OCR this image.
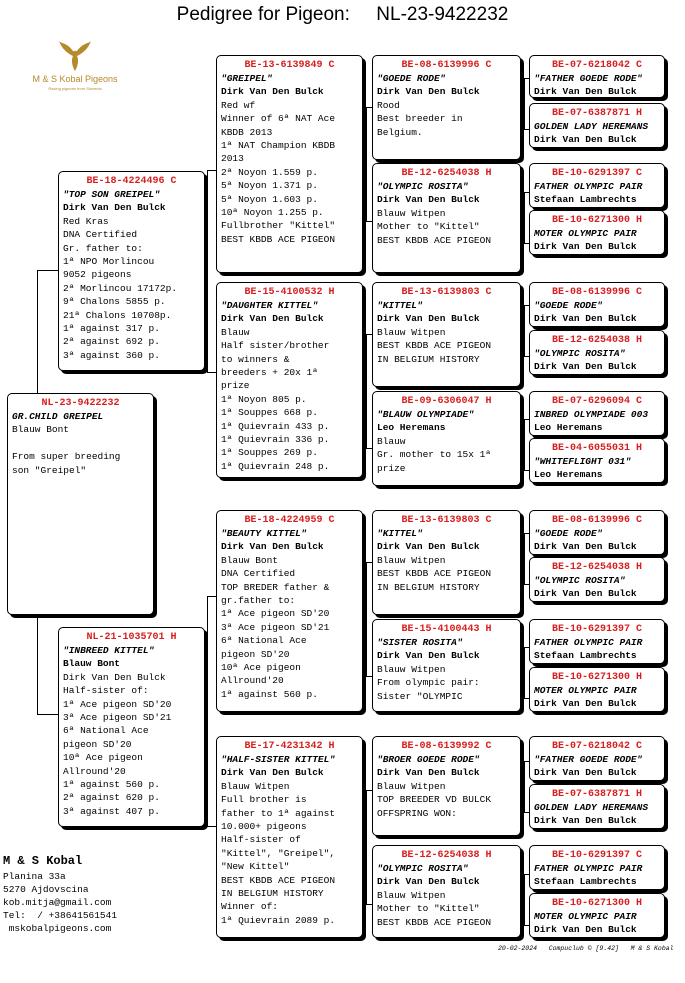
Pedigree for Pigeon:     NL-23-9422232
M & S Kobal Pigeons
Racing pigeons from Slovenia
NL-23-9422232
GR.CHILD GREIPEL
Blauw Bont

From super breeding
son "Greipel"
BE-18-4224496 C
"TOP SON GREIPEL"
Dirk Van Den Bulck
Red Kras
DNA Certified
Gr. father to:
1ª NPO Morlincou
9052 pigeons
2ª Morlincou 17172p.
9ª Chalons 5855 p.
21ª Chalons 10708p.
1ª against 317 p.
2ª against 692 p.
3ª against 360 p.
NL-21-1035701 H
"INBREED KITTEL"
Blauw Bont
Dirk Van Den Bulck
Half-sister of:
1ª Ace pigeon SD'20
3ª Ace pigeon SD'21
6ª National Ace
pigeon SD'20
10ª Ace pigeon
Allround'20
1ª against 560 p.
2ª against 620 p.
3ª against 407 p.
BE-13-6139849 C
"GREIPEL"
Dirk Van Den Bulck
Red wf
Winner of 6ª NAT Ace
KBDB 2013
1ª NAT Champion KBDB
2013
2ª Noyon 1.559 p.
5ª Noyon 1.371 p.
5ª Noyon 1.603 p.
10ª Noyon 1.255 p.
Fullbrother "Kittel"
BEST KBDB ACE PIGEON
BE-15-4100532 H
"DAUGHTER KITTEL"
Dirk Van Den Bulck
Blauw
Half sister/brother
to winners &
breeders + 20x 1ª
prize
1ª Noyon 805 p.
1ª Souppes 668 p.
1ª Quievrain 433 p.
1ª Quievrain 336 p.
1ª Souppes 269 p.
1ª Quievrain 248 p.
BE-18-4224959 C
"BEAUTY KITTEL"
Dirk Van Den Bulck
Blauw Bont
DNA Certified
TOP BREDER father &
gr.father to:
1ª Ace pigeon SD'20
3ª Ace pigeon SD'21
6ª National Ace
pigeon SD'20
10ª Ace pigeon
Allround'20
1ª against 560 p.
BE-17-4231342 H
"HALF-SISTER KITTEL"
Dirk Van Den Bulck
Blauw Witpen
Full brother is
father to 1ª against
10.000+ pigeons
Half-sister of
"Kittel", "Greipel",
"New Kittel"
BEST KBDB ACE PIGEON
IN BELGIUM HISTORY
Winner of:
1ª Quievrain 2089 p.
BE-08-6139996 C
"GOEDE RODE"
Dirk Van Den Bulck
Rood
Best breeder in
Belgium.
BE-12-6254038 H
"OLYMPIC ROSITA"
Dirk Van Den Bulck
Blauw Witpen
Mother to "Kittel"
BEST KBDB ACE PIGEON
BE-13-6139803 C
"KITTEL"
Dirk Van Den Bulck
Blauw Witpen
BEST KBDB ACE PIGEON
IN BELGIUM HISTORY
BE-09-6306047 H
"BLAUW OLYMPIADE"
Leo Heremans
Blauw
Gr. mother to 15x 1ª
prize
BE-13-6139803 C
"KITTEL"
Dirk Van Den Bulck
Blauw Witpen
BEST KBDB ACE PIGEON
IN BELGIUM HISTORY
BE-15-4100443 H
"SISTER ROSITA"
Dirk Van Den Bulck
Blauw Witpen
From olympic pair:
Sister "OLYMPIC
BE-08-6139992 C
"BROER GOEDE RODE"
Dirk Van Den Bulck
Blauw Witpen
TOP BREEDER VD BULCK
OFFSPRING WON:
BE-12-6254038 H
"OLYMPIC ROSITA"
Dirk Van Den Bulck
Blauw Witpen
Mother to "Kittel"
BEST KBDB ACE PIGEON
BE-07-6218042 C
"FATHER GOEDE RODE"
Dirk Van Den Bulck
BE-07-6387871 H
GOLDEN LADY HEREMANS
Dirk Van Den Bulck
BE-10-6291397 C
FATHER OLYMPIC PAIR
Stefaan Lambrechts
BE-10-6271300 H
MOTER OLYMPIC PAIR
Dirk Van Den Bulck
BE-08-6139996 C
"GOEDE RODE"
Dirk Van Den Bulck
BE-12-6254038 H
"OLYMPIC ROSITA"
Dirk Van Den Bulck
BE-07-6296094 C
INBRED OLYMPIADE 003
Leo Heremans
BE-04-6055031 H
"WHITEFLIGHT 031"
Leo Heremans
BE-08-6139996 C
"GOEDE RODE"
Dirk Van Den Bulck
BE-12-6254038 H
"OLYMPIC ROSITA"
Dirk Van Den Bulck
BE-10-6291397 C
FATHER OLYMPIC PAIR
Stefaan Lambrechts
BE-10-6271300 H
MOTER OLYMPIC PAIR
Dirk Van Den Bulck
BE-07-6218042 C
"FATHER GOEDE RODE"
Dirk Van Den Bulck
BE-07-6387871 H
GOLDEN LADY HEREMANS
Dirk Van Den Bulck
BE-10-6291397 C
FATHER OLYMPIC PAIR
Stefaan Lambrechts
BE-10-6271300 H
MOTER OLYMPIC PAIR
Dirk Van Den Bulck
M & S Kobal
Planina 33a
5270 Ajdovscina
kob.mitja@gmail.com
Tel:  / +38641561541
mskobalpigeons.com
20-02-2024   Compuclub © [9.42]   M & S Kobal
